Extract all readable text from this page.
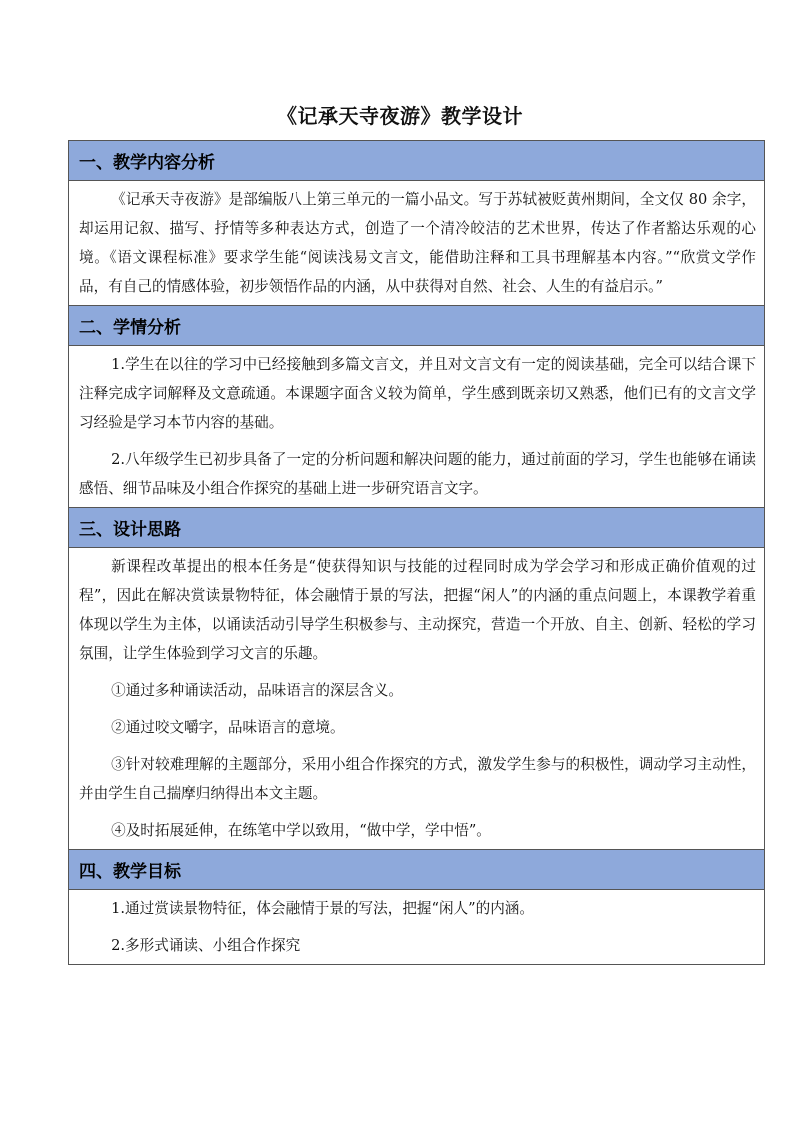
《记承天寺夜游》教学设计
一、教学内容分析

《记承天寺夜游》是部编版八上第三单元的一篇小品文。写于苏轼被贬黄州期间，全文仅 80 余字，却运用记叙、描写、抒情等多种表达方式，创造了一个清冷皎洁的艺术世界，传达了作者豁达乐观的心境。《语文课程标准》要求学生能“阅读浅易文言文，能借助注释和工具书理解基本内容。”“欣赏文学作品，有自己的情感体验，初步领悟作品的内涵，从中获得对自然、社会、人生的有益启示。”

二、学情分析

1.学生在以往的学习中已经接触到多篇文言文，并且对文言文有一定的阅读基础，完全可以结合课下注释完成字词解释及文意疏通。本课题字面含义较为简单，学生感到既亲切又熟悉，他们已有的文言文学习经验是学习本节内容的基础。

2.八年级学生已初步具备了一定的分析问题和解决问题的能力，通过前面的学习，学生也能够在诵读感悟、细节品味及小组合作探究的基础上进一步研究语言文字。

三、设计思路

新课程改革提出的根本任务是“使获得知识与技能的过程同时成为学会学习和形成正确价值观的过程”，因此在解决赏读景物特征，体会融情于景的写法，把握“闲人”的内涵的重点问题上，本课教学着重体现以学生为主体，以诵读活动引导学生积极参与、主动探究，营造一个开放、自主、创新、轻松的学习氛围，让学生体验到学习文言的乐趣。

①通过多种诵读活动，品味语言的深层含义。

②通过咬文嚼字，品味语言的意境。

③针对较难理解的主题部分，采用小组合作探究的方式，激发学生参与的积极性，调动学习主动性，并由学生自己揣摩归纳得出本文主题。

④及时拓展延伸，在练笔中学以致用，“做中学，学中悟”。

四、教学目标

1.通过赏读景物特征，体会融情于景的写法，把握“闲人”的内涵。

2.多形式诵读、小组合作探究
